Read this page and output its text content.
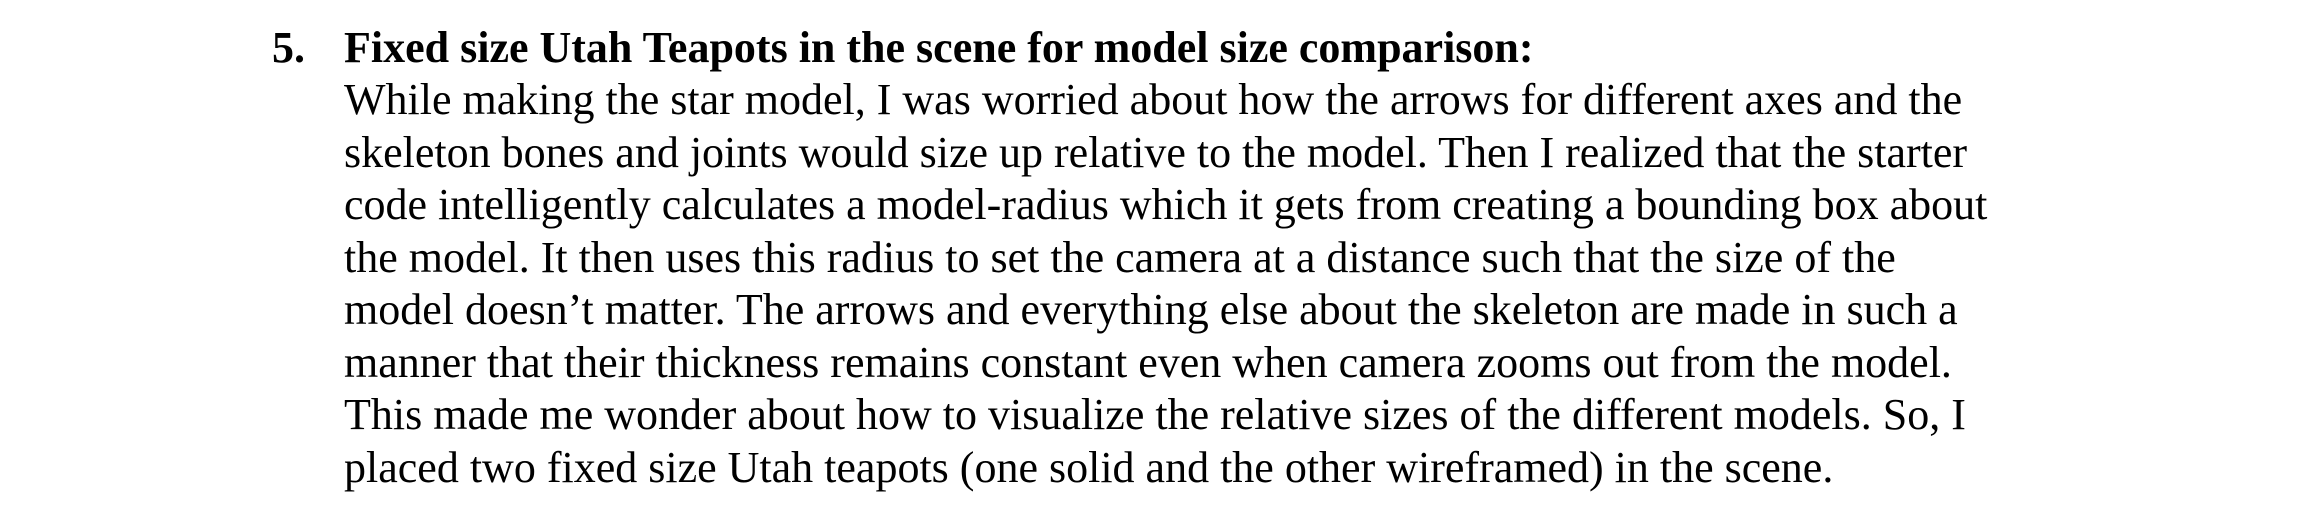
5. Fixed size Utah Teapots in the scene for model size comparison:
While making the star model, I was worried about how the arrows for different axes and the
skeleton bones and joints would size up relative to the model. Then I realized that the starter
code intelligently calculates a model-radius which it gets from creating a bounding box about
the model. It then uses this radius to set the camera at a distance such that the size of the
model doesn’t matter. The arrows and everything else about the skeleton are made in such a
manner that their thickness remains constant even when camera zooms out from the model.
This made me wonder about how to visualize the relative sizes of the different models. So, I
placed two fixed size Utah teapots (one solid and the other wireframed) in the scene.
